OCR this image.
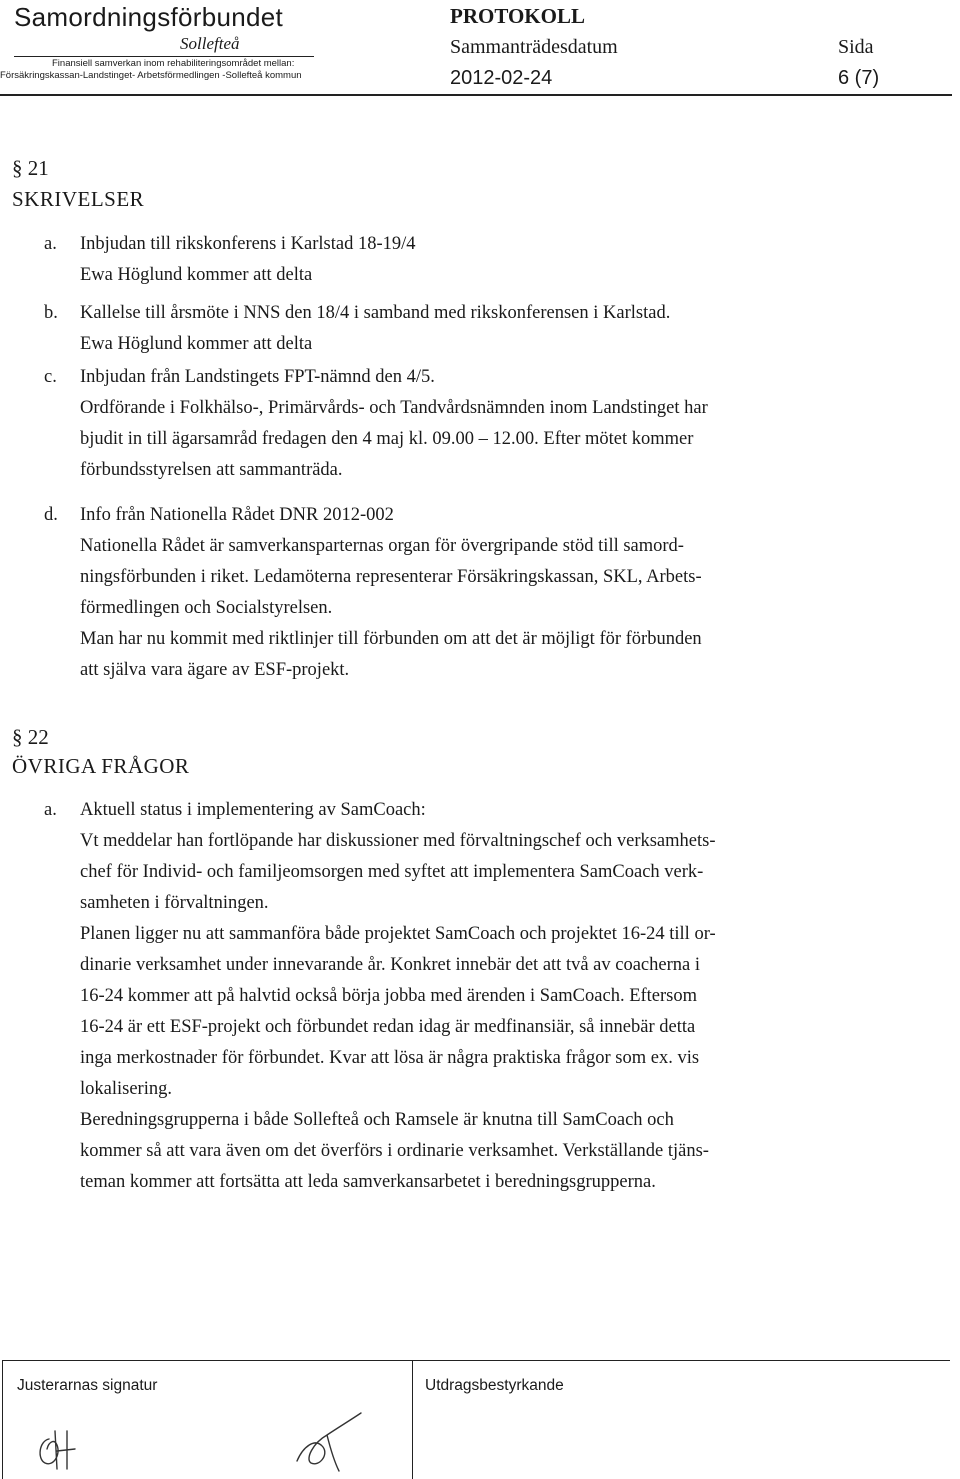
Samordningsförbundet
Sollefteå
Finansiell samverkan inom rehabiliteringsområdet mellan:
Försäkringskassan-Landstinget- Arbetsförmedlingen -Sollefteå kommun
PROTOKOLL
Sammanträdesdatum	Sida
2012-02-24	6 (7)
§ 21
SKRIVELSER
a. Inbjudan till rikskonferens i Karlstad 18-19/4
Ewa Höglund kommer att delta
b. Kallelse till årsmöte i NNS den 18/4 i samband med rikskonferensen i Karlstad.
Ewa Höglund kommer att delta
c. Inbjudan från Landstingets FPT-nämnd den 4/5.
Ordförande i Folkhälso-, Primärvårds- och Tandvårdsnämnden inom Landstinget har
bjudit in till ägarsamråd fredagen den 4 maj kl. 09.00 – 12.00. Efter mötet kommer
förbundsstyrelsen att sammanträda.
d. Info från Nationella Rådet DNR 2012-002
Nationella Rådet är samverkansparternas organ för övergripande stöd till samord-
ningsförbunden i riket. Ledamöterna representerar Försäkringskassan, SKL, Arbets-
förmedlingen och Socialstyrelsen.
Man har nu kommit med riktlinjer till förbunden om att det är möjligt för förbunden
att själva vara ägare av ESF-projekt.
§ 22
ÖVRIGA FRÅGOR
a. Aktuell status i implementering av SamCoach:
Vt meddelar han fortlöpande har diskussioner med förvaltningschef och verksamhets-
chef för Individ- och familjeomsorgen med syftet att implementera SamCoach verk-
samheten i förvaltningen.
Planen ligger nu att sammanföra både projektet SamCoach och projektet 16-24 till or-
dinarie verksamhet under innevarande år. Konkret innebär det att två av coacherna i
16-24 kommer att på halvtid också börja jobba med ärenden i SamCoach. Eftersom
16-24 är ett ESF-projekt och förbundet redan idag är medfinansiär, så innebär detta
inga merkostnader för förbundet. Kvar att lösa är några praktiska frågor som ex. vis
lokalisering.
Beredningsgrupperna i både Sollefteå och Ramsele är knutna till SamCoach och
kommer så att vara även om det överförs i ordinarie verksamhet. Verkställande tjäns-
teman kommer att fortsätta att leda samverkansarbetet i beredningsgrupperna.
Justerarnas signatur	Utdragsbestyrkande
